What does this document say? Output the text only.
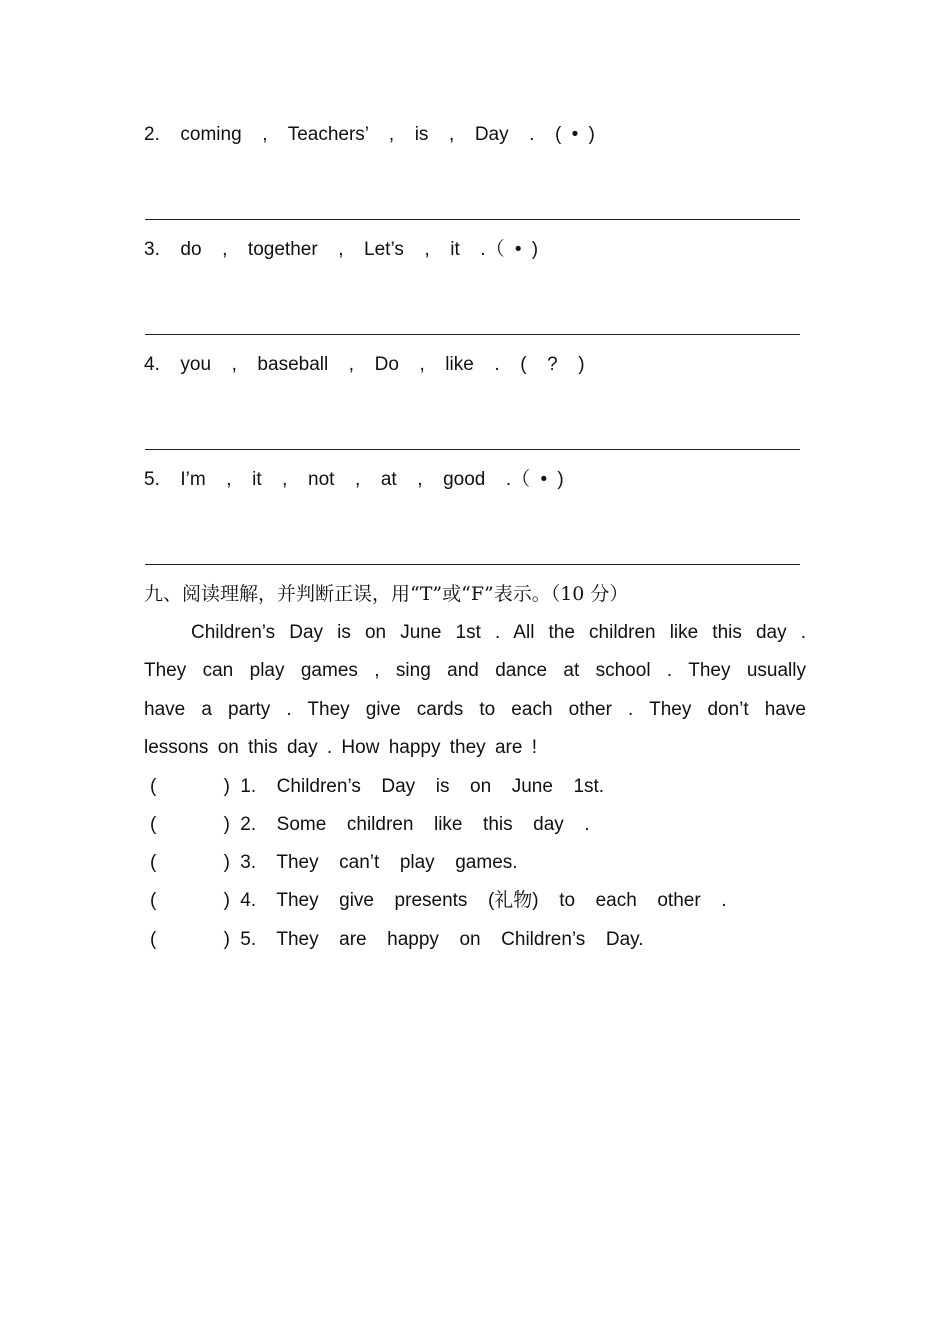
2.  coming  ,  Teachers’  ,  is  ,  Day  .  ( • )
3.  do  ,  together  ,  Let’s  ,  it  .（ • )
4.  you  ,  baseball  ,  Do  ,  like  .  (  ?  )
5.  I’m  ,  it  ,  not  ,  at  ,  good  .（ • )
九、阅读理解，并判断正误，用“T”或“F”表示。（10 分）
Children’s Day is on June 1st . All the children like this day .
They can play games , sing and dance at school . They usually
have a party . They give cards to each other . They don’t have
lessons on this day . How happy they are !
(	) 1.  Children’s  Day  is  on  June  1st.
(	) 2.  Some  children  like  this  day  .
(	) 3.  They  can’t  play  games.
(	) 4.  They  give  presents  (礼物)  to  each  other  .
(	) 5.  They  are  happy  on  Children’s  Day.
